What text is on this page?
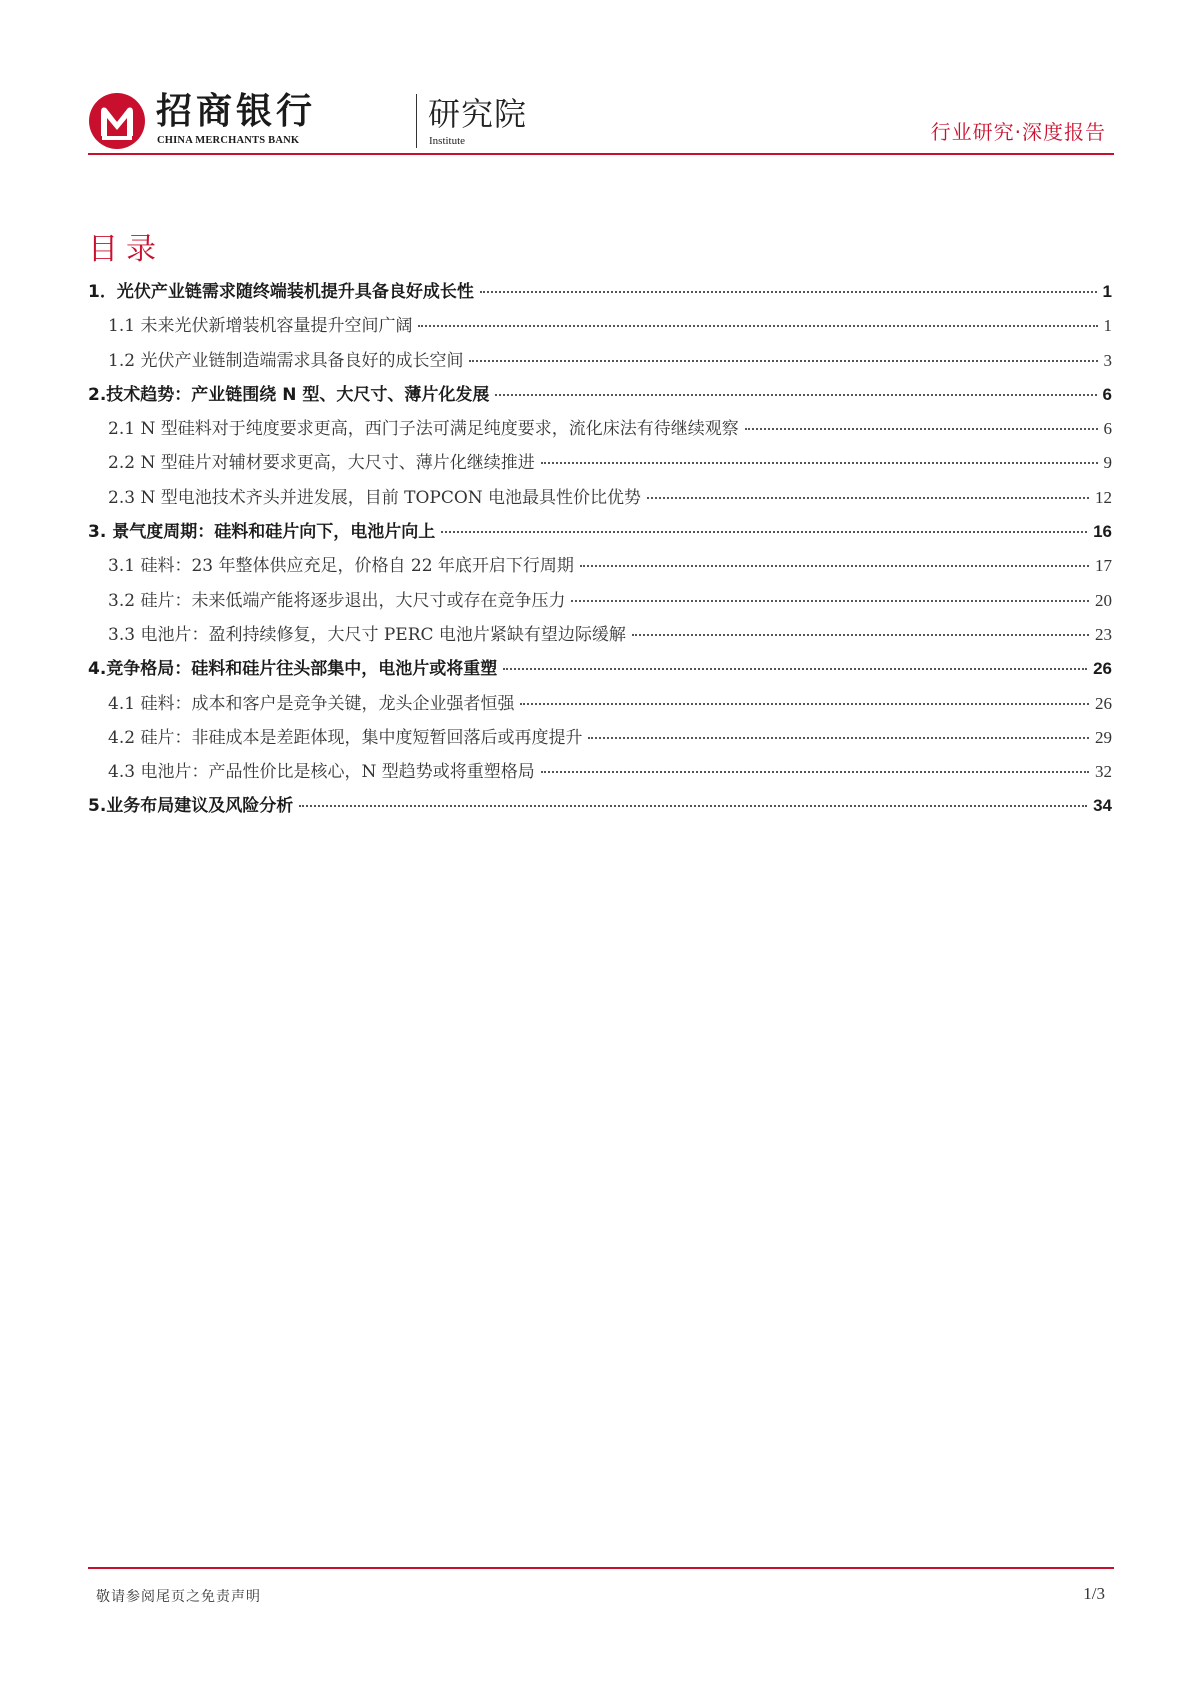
招商银行
CHINA MERCHANTS BANK
研究院
Institute	行业研究·深度报告
目录
1．光伏产业链需求随终端装机提升具备良好成长性	1
1.1 未来光伏新增装机容量提升空间广阔	1
1.2 光伏产业链制造端需求具备良好的成长空间	3
2.技术趋势：产业链围绕 N 型、大尺寸、薄片化发展	6
2.1 N 型硅料对于纯度要求更高，西门子法可满足纯度要求，流化床法有待继续观察	6
2.2 N 型硅片对辅材要求更高，大尺寸、薄片化继续推进	9
2.3 N 型电池技术齐头并进发展，目前 TOPCON 电池最具性价比优势	12
3. 景气度周期：硅料和硅片向下，电池片向上	16
3.1 硅料：23 年整体供应充足，价格自 22 年底开启下行周期	17
3.2 硅片：未来低端产能将逐步退出，大尺寸或存在竞争压力	20
3.3 电池片：盈利持续修复，大尺寸 PERC 电池片紧缺有望边际缓解	23
4.竞争格局：硅料和硅片往头部集中，电池片或将重塑	26
4.1 硅料：成本和客户是竞争关键，龙头企业强者恒强	26
4.2 硅片：非硅成本是差距体现，集中度短暂回落后或再度提升	29
4.3 电池片：产品性价比是核心，N 型趋势或将重塑格局	32
5.业务布局建议及风险分析	34
敬请参阅尾页之免责声明	1/3
